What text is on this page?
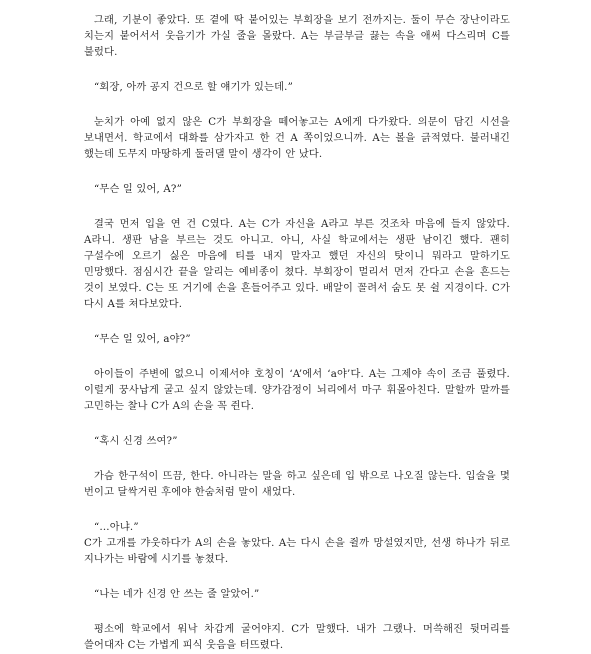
그래, 기분이 좋았다. 또 곁에 딱 붙어있는 부회장을 보기 전까지는. 둘이 무슨 장난이라도 치는지 붙어서서 웃음기가 가실 줄을 몰랐다. A는 부글부글 끓는 속을 애써 다스리며 C를 불렀다.

“회장, 아까 공지 건으로 할 얘기가 있는데.”

눈치가 아예 없지 않은 C가 부회장을 떼어놓고는 A에게 다가왔다. 의문이 담긴 시선을 보내면서. 학교에서 대화를 삼가자고 한 건 A 쪽이었으니까. A는 볼을 긁적였다. 불러내긴 했는데 도무지 마땅하게 둘러댈 말이 생각이 안 났다.

“무슨 일 있어, A?”

결국 먼저 입을 연 건 C였다. A는 C가 자신을 A라고 부른 것조차 마음에 들지 않았다. A라니. 생판 남을 부르는 것도 아니고. 아니, 사실 학교에서는 생판 남이긴 했다. 괜히 구설수에 오르기 싫은 마음에 티를 내지 말자고 했던 자신의 탓이니 뭐라고 말하기도 민망했다. 점심시간 끝을 알리는 예비종이 쳤다. 부회장이 멀리서 먼저 간다고 손을 흔드는 것이 보였다. C는 또 거기에 손을 흔들어주고 있다. 배알이 꼴려서 숨도 못 쉴 지경이다. C가 다시 A를 쳐다보았다.

“무슨 일 있어, a야?”

아이들이 주변에 없으니 이제서야 호칭이 ‘A’에서 ‘a야’다. A는 그제야 속이 조금 풀렸다. 이럴게 꿍사납게 굴고 싶지 않았는데. 양가감정이 뇌리에서 마구 휘몰아친다. 말할까 말까를 고민하는 찰나 C가 A의 손을 꼭 쥔다.

“혹시 신경 쓰여?”

가슴 한구석이 뜨끔, 한다. 아니라는 말을 하고 싶은데 입 밖으로 나오질 않는다. 입술을 몇 번이고 달싹거린 후에야 한숨처럼 말이 새었다.

“…아냐.”

C가 고개를 갸웃하다가 A의 손을 놓았다. A는 다시 손을 쥘까 망설였지만, 선생 하나가 뒤로 지나가는 바람에 시기를 놓쳤다.

“나는 네가 신경 안 쓰는 줄 알았어.”

평소에 학교에서 워낙 차갑게 굴어야지. C가 말했다. 내가 그랬나. 머쓱해진 뒷머리를 쓸어대자 C는 가볍게 피식 웃음을 터뜨렸다.
